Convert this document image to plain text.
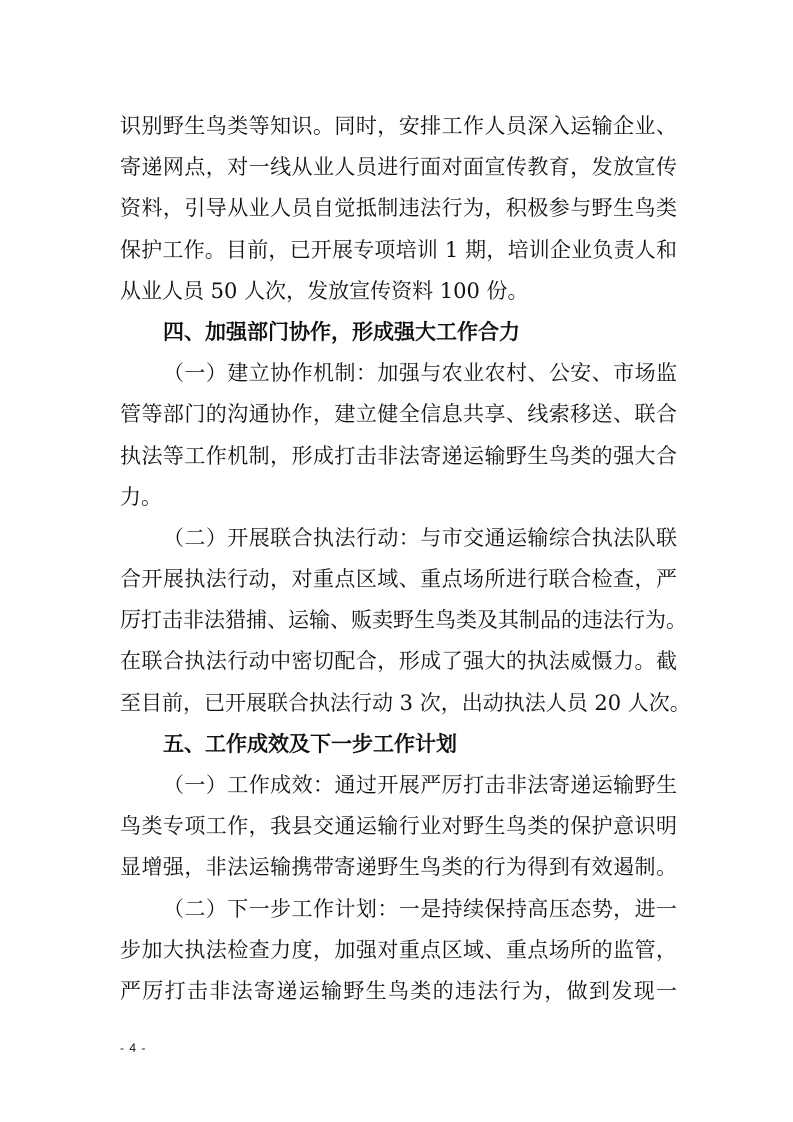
识别野生鸟类等知识。同时，安排工作人员深入运输企业、
寄递网点，对一线从业人员进行面对面宣传教育，发放宣传
资料，引导从业人员自觉抵制违法行为，积极参与野生鸟类
保护工作。目前，已开展专项培训 1 期，培训企业负责人和
从业人员 50 人次，发放宣传资料 100 份。
四、加强部门协作，形成强大工作合力
（一）建立协作机制：加强与农业农村、公安、市场监
管等部门的沟通协作，建立健全信息共享、线索移送、联合
执法等工作机制，形成打击非法寄递运输野生鸟类的强大合
力。
（二）开展联合执法行动：与市交通运输综合执法队联
合开展执法行动，对重点区域、重点场所进行联合检查，严
厉打击非法猎捕、运输、贩卖野生鸟类及其制品的违法行为。
在联合执法行动中密切配合，形成了强大的执法威慑力。截
至目前，已开展联合执法行动 3 次，出动执法人员 20 人次。
五、工作成效及下一步工作计划
（一）工作成效：通过开展严厉打击非法寄递运输野生
鸟类专项工作，我县交通运输行业对野生鸟类的保护意识明
显增强，非法运输携带寄递野生鸟类的行为得到有效遏制。
（二）下一步工作计划：一是持续保持高压态势，进一
步加大执法检查力度，加强对重点区域、重点场所的监管，
严厉打击非法寄递运输野生鸟类的违法行为，做到发现一
- 4 -
